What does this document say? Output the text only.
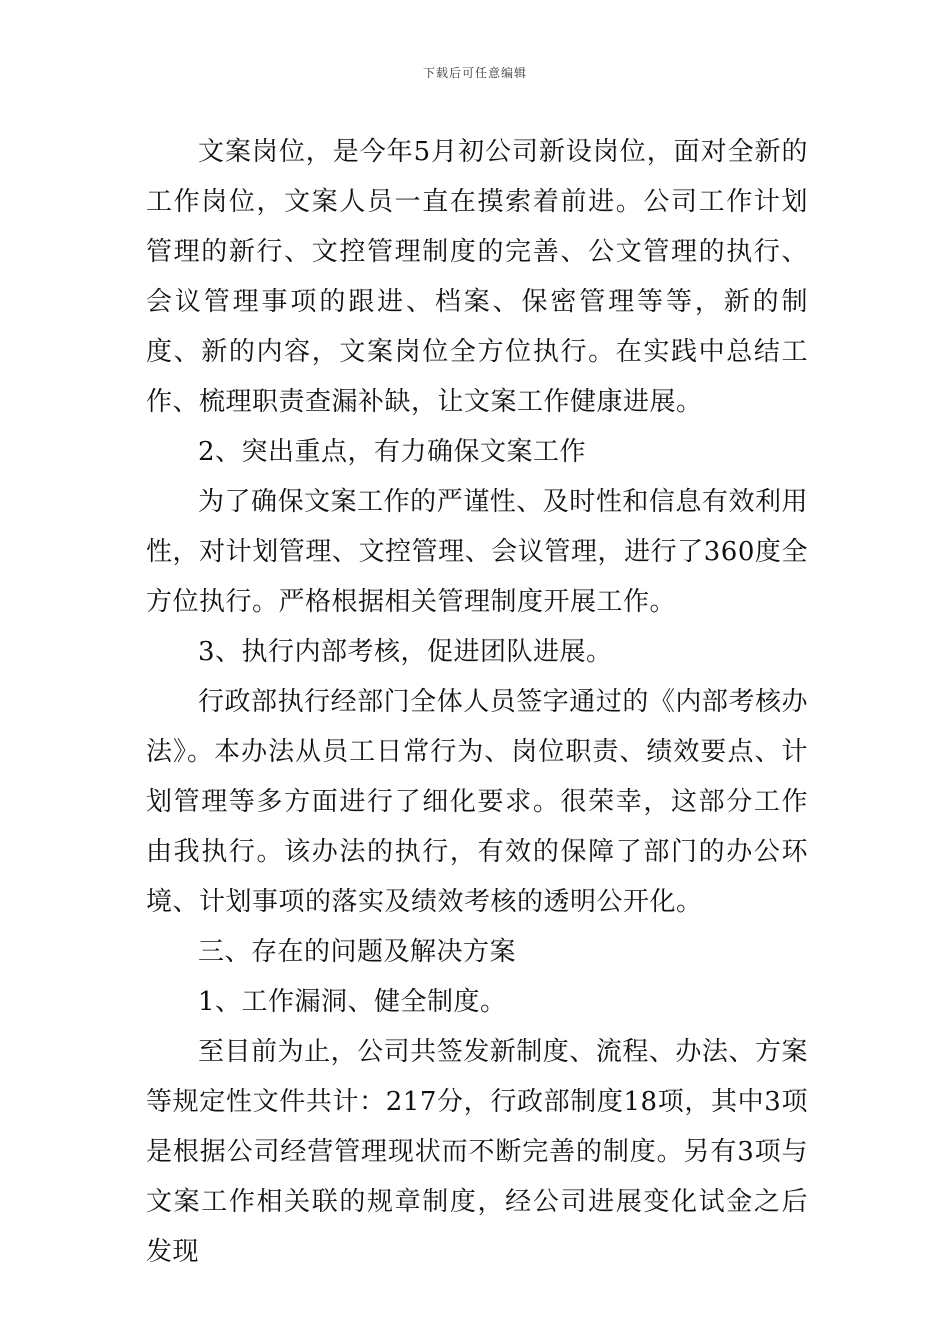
下载后可任意编辑

文案岗位，是今年5月初公司新设岗位，面对全新的工作岗位，文案人员一直在摸索着前进。公司工作计划管理的新行、文控管理制度的完善、公文管理的执行、会议管理事项的跟进、档案、保密管理等等，新的制度、新的内容，文案岗位全方位执行。在实践中总结工作、梳理职责查漏补缺，让文案工作健康进展。

2、突出重点，有力确保文案工作

为了确保文案工作的严谨性、及时性和信息有效利用性，对计划管理、文控管理、会议管理，进行了360度全方位执行。严格根据相关管理制度开展工作。

3、执行内部考核，促进团队进展。

行政部执行经部门全体人员签字通过的《内部考核办法》。本办法从员工日常行为、岗位职责、绩效要点、计划管理等多方面进行了细化要求。很荣幸，这部分工作由我执行。该办法的执行，有效的保障了部门的办公环境、计划事项的落实及绩效考核的透明公开化。

三、存在的问题及解决方案

1、工作漏洞、健全制度。

至目前为止，公司共签发新制度、流程、办法、方案等规定性文件共计：217分，行政部制度18项，其中3项是根据公司经营管理现状而不断完善的制度。另有3项与文案工作相关联的规章制度，经公司进展变化试金之后发现
